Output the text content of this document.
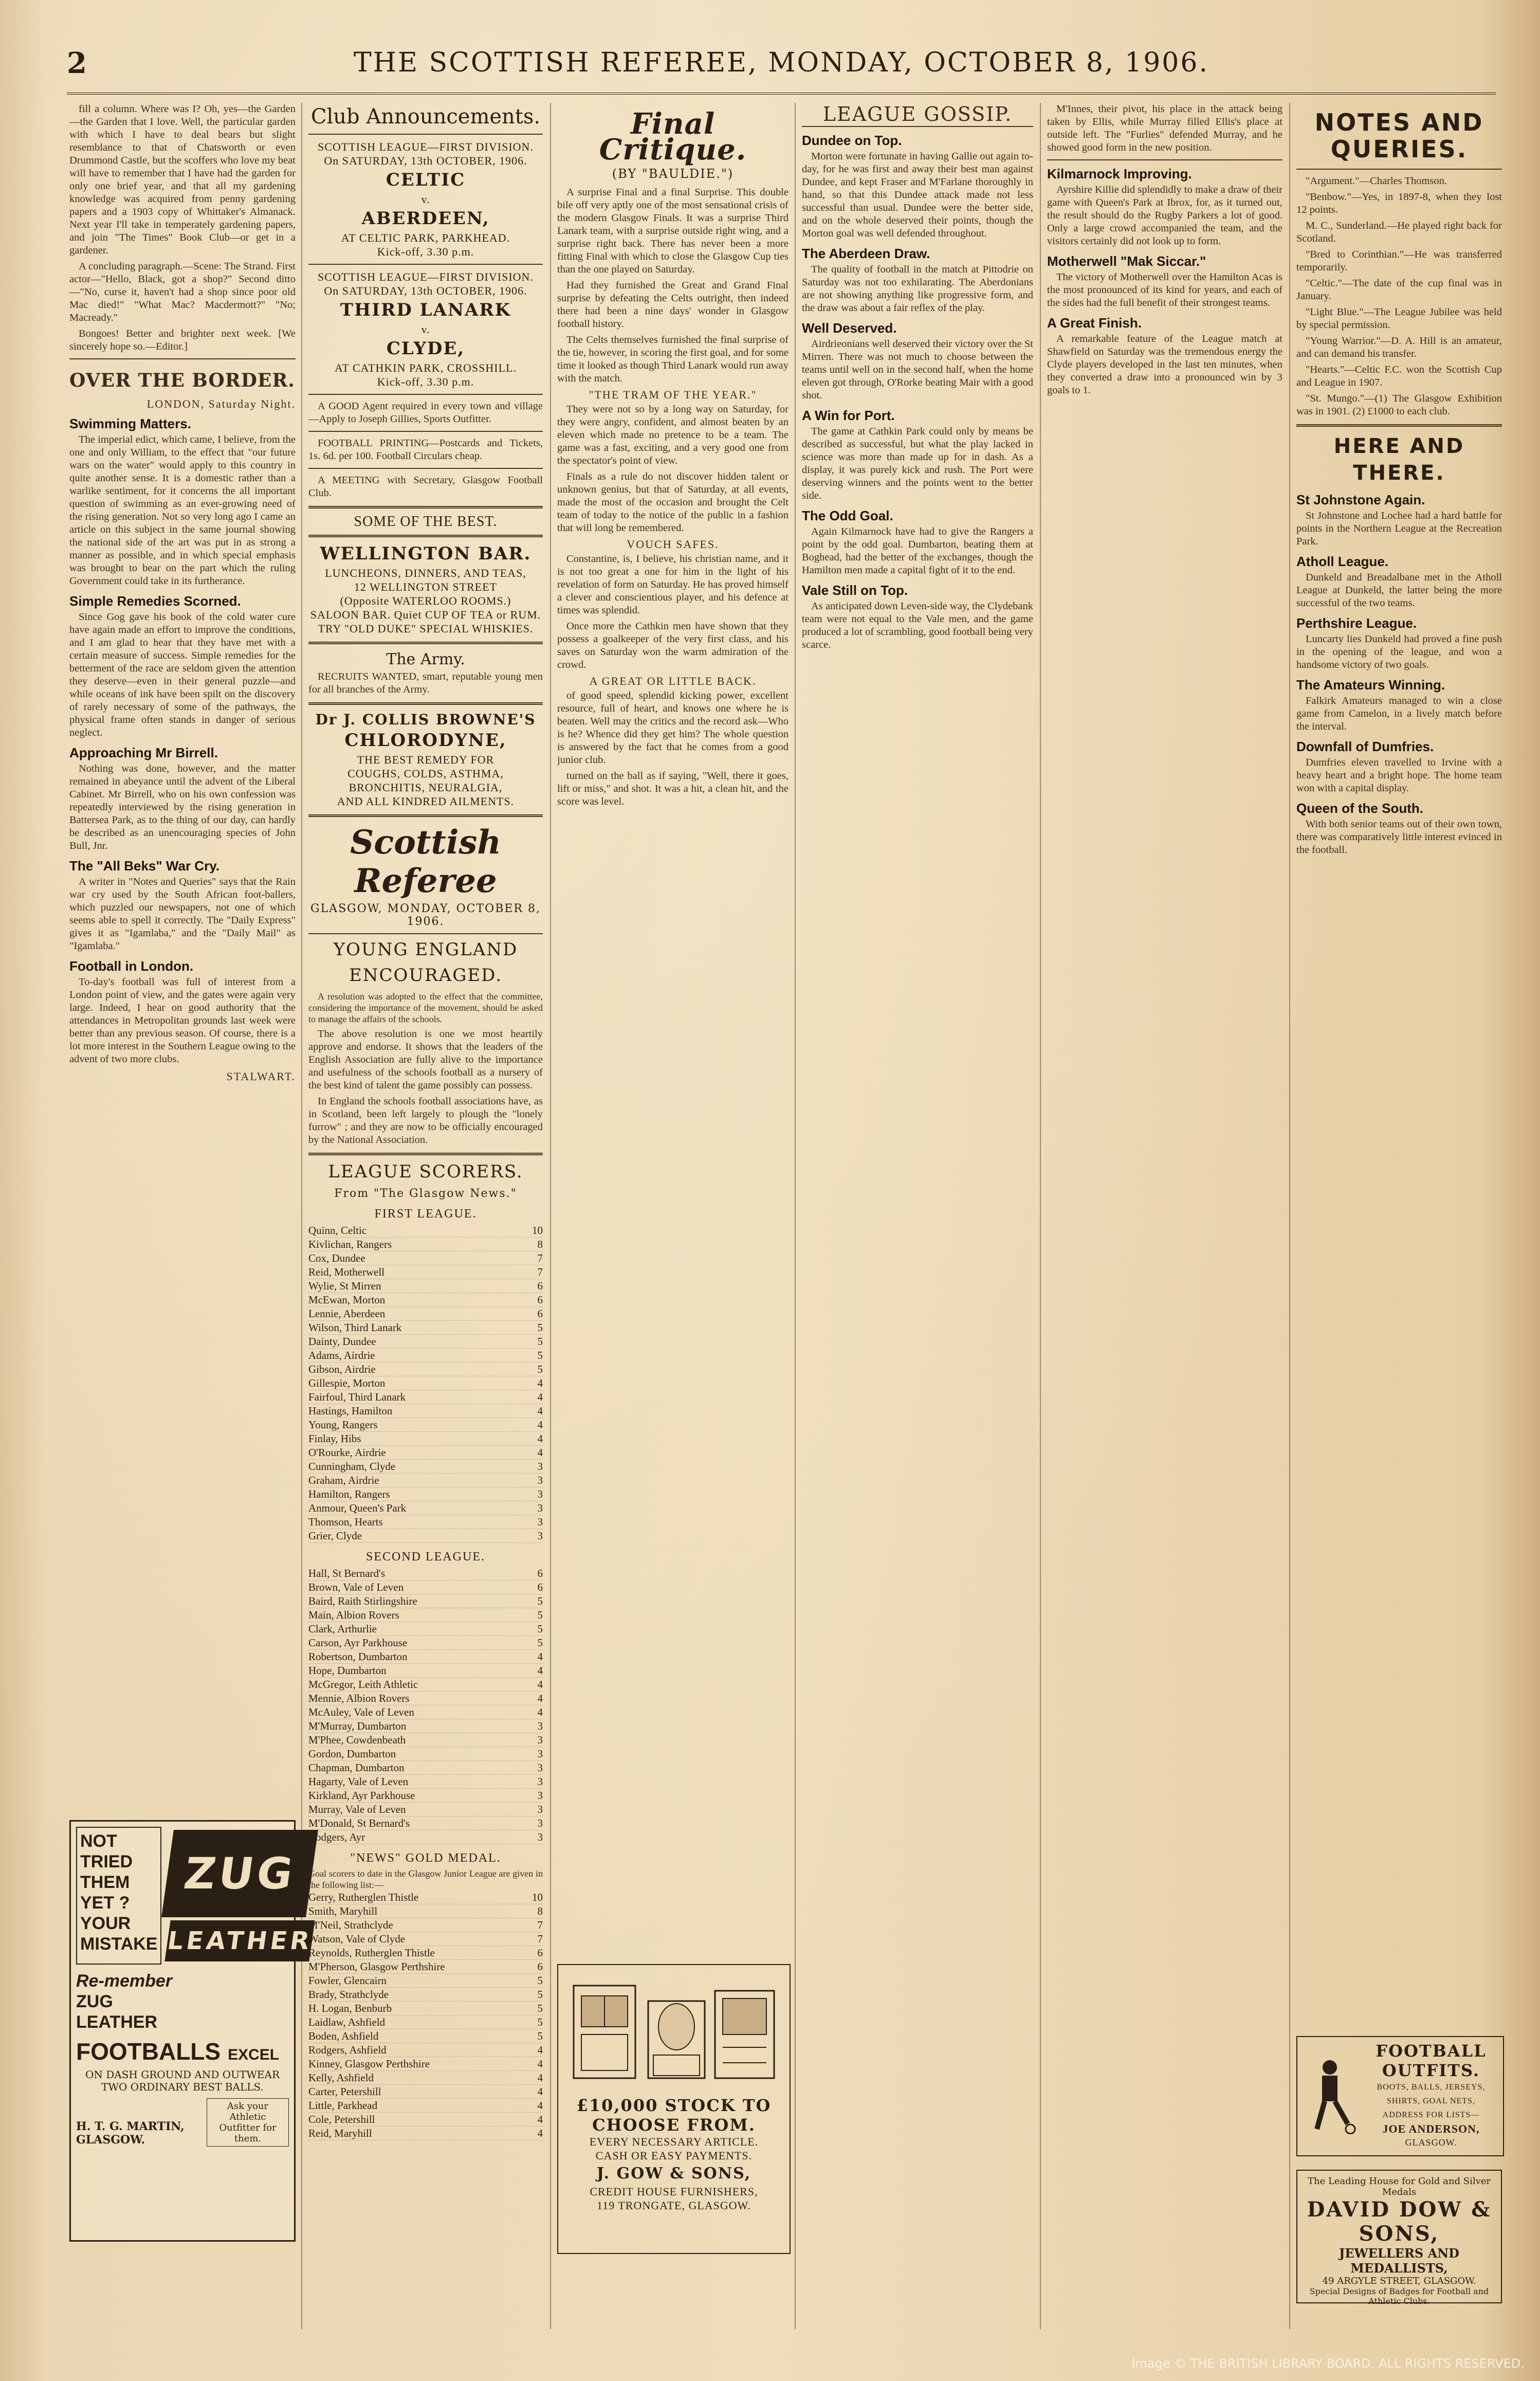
2	THE SCOTTISH REFEREE, MONDAY, OCTOBER 8, 1906.

fill a column. Where was I? Oh, yes—the Garden—the Garden that I love. Well, the particular garden with which I have to deal bears but slight resemblance to that of Chatsworth or even Drummond Castle, but the scoffers who love my beat will have to remember that I have had the garden for only one brief year, and that all my gardening knowledge was acquired from penny gardening papers and a 1903 copy of Whittaker's Almanack. Next year I'll take in temperately gardening papers, and join "The Times" Book Club—or get in a gardener.

A concluding paragraph.—Scene: The Strand. First actor—"Hello, Black, got a shop?" Second ditto—"No, curse it, haven't had a shop since poor old Mac died!" "What Mac? Macdermott?" "No; Macready."

Bongoes! Better and brighter next week. [We sincerely hope so.—Editor.]

OVER THE BORDER.
LONDON, Saturday Night.
Swimming Matters.

The imperial edict, which came, I believe, from the one and only William, to the effect that "our future wars on the water" would apply to this country in quite another sense. It is a domestic rather than a warlike sentiment, for it concerns the all important question of swimming as an ever-growing need of the rising generation. Not so very long ago I came an article on this subject in the same journal showing the national side of the art was put in as strong a manner as possible, and in which special emphasis was brought to bear on the part which the ruling Government could take in its furtherance.

Simple Remedies Scorned.

Since Gog gave his book of the cold water cure have again made an effort to improve the conditions, and I am glad to hear that they have met with a certain measure of success. Simple remedies for the betterment of the race are seldom given the attention they deserve—even in their general puzzle—and while oceans of ink have been spilt on the discovery of rarely necessary of some of the pathways, the physical frame often stands in danger of serious neglect.

Approaching Mr Birrell.

Nothing was done, however, and the matter remained in abeyance until the advent of the Liberal Cabinet. Mr Birrell, who on his own confession was repeatedly interviewed by the rising generation in Battersea Park, as to the thing of our day, can hardly be described as an unencouraging species of John Bull, Jnr.

The "All Beks" War Cry.

A writer in "Notes and Queries" says that the Rain war cry used by the South African foot-ballers, which puzzled our newspapers, not one of which seems able to spell it correctly. The "Daily Express" gives it as "Igamlaba," and the "Daily Mail" as "Igamlaba."

Football in London.

To-day's football was full of interest from a London point of view, and the gates were again very large. Indeed, I hear on good authority that the attendances in Metropolitan grounds last week were better than any previous season. Of course, there is a lot more interest in the Southern League owing to the advent of two more clubs.

STALWART.
NOT
TRIED
THEM
YET ?
YOUR
MISTAKE
ZUG
LEATHER
Re-member
ZUG
LEATHER
FOOTBALLS EXCEL
ON DASH GROUND AND OUTWEAR TWO ORDINARY BEST BALLS.
H. T. G. MARTIN,
GLASGOW.
Ask your Athletic Outfitter for them.
Club Announcements.
SCOTTISH LEAGUE—FIRST DIVISION.
On SATURDAY, 13th OCTOBER, 1906.
CELTIC
v.
ABERDEEN,
AT CELTIC PARK, PARKHEAD.
Kick-off, 3.30 p.m.
SCOTTISH LEAGUE—FIRST DIVISION.
On SATURDAY, 13th OCTOBER, 1906.
THIRD LANARK
v.
CLYDE,
AT CATHKIN PARK, CROSSHILL.
Kick-off, 3.30 p.m.

A GOOD Agent required in every town and village—Apply to Joseph Gillies, Sports Outfitter.

FOOTBALL PRINTING—Postcards and Tickets, 1s. 6d. per 100. Football Circulars cheap.

A MEETING with Secretary, Glasgow Football Club.

SOME OF THE BEST.
WELLINGTON BAR.
LUNCHEONS, DINNERS, AND TEAS,
12 WELLINGTON STREET
(Opposite WATERLOO ROOMS.)
SALOON BAR. Quiet CUP OF TEA or RUM.
TRY "OLD DUKE" SPECIAL WHISKIES.
The Army.

RECRUITS WANTED, smart, reputable young men for all branches of the Army.

Dr J. COLLIS BROWNE'S
CHLORODYNE,
THE BEST REMEDY FOR
COUGHS, COLDS, ASTHMA,
BRONCHITIS, NEURALGIA,
AND ALL KINDRED AILMENTS.
Scottish Referee
GLASGOW, MONDAY, OCTOBER 8, 1906.
YOUNG ENGLAND
ENCOURAGED.

A resolution was adopted to the effect that the committee, considering the importance of the movement, should be asked to manage the affairs of the schools.

The above resolution is one we most heartily approve and endorse. It shows that the leaders of the English Association are fully alive to the importance and usefulness of the schools football as a nursery of the best kind of talent the game possibly can possess.

In England the schools football associations have, as in Scotland, been left largely to plough the "lonely furrow" ; and they are now to be officially encouraged by the National Association.

LEAGUE SCORERS.
From "The Glasgow News."
FIRST LEAGUE.
Quinn, Celtic	10
Kivlichan, Rangers	8
Cox, Dundee	7
Reid, Motherwell	7
Wylie, St Mirren	6
McEwan, Morton	6
Lennie, Aberdeen	6
Wilson, Third Lanark	5
Dainty, Dundee	5
Adams, Airdrie	5
Gibson, Airdrie	5
Gillespie, Morton	4
Fairfoul, Third Lanark	4
Hastings, Hamilton	4
Young, Rangers	4
Finlay, Hibs	4
O'Rourke, Airdrie	4
Cunningham, Clyde	3
Graham, Airdrie	3
Hamilton, Rangers	3
Anmour, Queen's Park	3
Thomson, Hearts	3
Grier, Clyde	3
SECOND LEAGUE.
Hall, St Bernard's	6
Brown, Vale of Leven	6
Baird, Raith Stirlingshire	5
Main, Albion Rovers	5
Clark, Arthurlie	5
Carson, Ayr Parkhouse	5
Robertson, Dumbarton	4
Hope, Dumbarton	4
McGregor, Leith Athletic	4
Mennie, Albion Rovers	4
McAuley, Vale of Leven	4
M'Murray, Dumbarton	3
M'Phee, Cowdenbeath	3
Gordon, Dumbarton	3
Chapman, Dumbarton	3
Hagarty, Vale of Leven	3
Kirkland, Ayr Parkhouse	3
Murray, Vale of Leven	3
M'Donald, St Bernard's	3
Rodgers, Ayr	3
"NEWS" GOLD MEDAL.
Goal scorers to date in the Glasgow Junior League are given in the following list:—
Gerry, Rutherglen Thistle	10
Smith, Maryhill	8
M'Neil, Strathclyde	7
Watson, Vale of Clyde	7
Reynolds, Rutherglen Thistle	6
M'Pherson, Glasgow Perthshire	6
Fowler, Glencairn	5
Brady, Strathclyde	5
H. Logan, Benburb	5
Laidlaw, Ashfield	5
Boden, Ashfield	5
Rodgers, Ashfield	4
Kinney, Glasgow Perthshire	4
Kelly, Ashfield	4
Carter, Petershill	4
Little, Parkhead	4
Cole, Petershill	4
Reid, Maryhill	4
Final Critique.
(BY "BAULDIE.")

A surprise Final and a final Surprise. This double bile off very aptly one of the most sensational crisis of the modern Glasgow Finals. It was a surprise Third Lanark team, with a surprise outside right wing, and a surprise right back. There has never been a more fitting Final with which to close the Glasgow Cup ties than the one played on Saturday.

Had they furnished the Great and Grand Final surprise by defeating the Celts outright, then indeed there had been a nine days' wonder in Glasgow football history.

The Celts themselves furnished the final surprise of the tie, however, in scoring the first goal, and for some time it looked as though Third Lanark would run away with the match.

"THE TRAM OF THE YEAR."

They were not so by a long way on Saturday, for they were angry, confident, and almost beaten by an eleven which made no pretence to be a team. The game was a fast, exciting, and a very good one from the spectator's point of view.

Finals as a rule do not discover hidden talent or unknown genius, but that of Saturday, at all events, made the most of the occasion and brought the Celt team of today to the notice of the public in a fashion that will long be remembered.

VOUCH SAFES.

Constantine, is, I believe, his christian name, and it is not too great a one for him in the light of his revelation of form on Saturday. He has proved himself a clever and conscientious player, and his defence at times was splendid.

Once more the Cathkin men have shown that they possess a goalkeeper of the very first class, and his saves on Saturday won the warm admiration of the crowd.

A GREAT OR LITTLE BACK.

of good speed, splendid kicking power, excellent resource, full of heart, and knows one where he is beaten. Well may the critics and the record ask—Who is he? Whence did they get him? The whole question is answered by the fact that he comes from a good junior club.

turned on the ball as if saying, "Well, there it goes, lift or miss," and shot. It was a hit, a clean hit, and the score was level.

£10,000 STOCK TO CHOOSE FROM.
EVERY NECESSARY ARTICLE.
CASH OR EASY PAYMENTS.
J. GOW & SONS,
CREDIT HOUSE FURNISHERS,
119 TRONGATE, GLASGOW.
LEAGUE GOSSIP.
Dundee on Top.

Morton were fortunate in having Gallie out again to-day, for he was first and away their best man against Dundee, and kept Fraser and M'Farlane thoroughly in hand, so that this Dundee attack made not less successful than usual. Dundee were the better side, and on the whole deserved their points, though the Morton goal was well defended throughout.

The Aberdeen Draw.

The quality of football in the match at Pittodrie on Saturday was not too exhilarating. The Aberdonians are not showing anything like progressive form, and the draw was about a fair reflex of the play.

Well Deserved.

Airdrieonians well deserved their victory over the St Mirren. There was not much to choose between the teams until well on in the second half, when the home eleven got through, O'Rorke beating Mair with a good shot.

A Win for Port.

The game at Cathkin Park could only by means be described as successful, but what the play lacked in science was more than made up for in dash. As a display, it was purely kick and rush. The Port were deserving winners and the points went to the better side.

The Odd Goal.

Again Kilmarnock have had to give the Rangers a point by the odd goal. Dumbarton, beating them at Boghead, had the better of the exchanges, though the Hamilton men made a capital fight of it to the end.

Vale Still on Top.

As anticipated down Leven-side way, the Clydebank team were not equal to the Vale men, and the game produced a lot of scrambling, good football being very scarce.

M'Innes, their pivot, his place in the attack being taken by Ellis, while Murray filled Ellis's place at outside left. The "Furlies" defended Murray, and he showed good form in the new position.

Kilmarnock Improving.

Ayrshire Killie did splendidly to make a draw of their game with Queen's Park at Ibrox, for, as it turned out, the result should do the Rugby Parkers a lot of good. Only a large crowd accompanied the team, and the visitors certainly did not look up to form.

Motherwell "Mak Siccar."

The victory of Motherwell over the Hamilton Acas is the most pronounced of its kind for years, and each of the sides had the full benefit of their strongest teams.

A Great Finish.

A remarkable feature of the League match at Shawfield on Saturday was the tremendous energy the Clyde players developed in the last ten minutes, when they converted a draw into a pronounced win by 3 goals to 1.

NOTES AND QUERIES.

"Argument."—Charles Thomson.

"Benbow."—Yes, in 1897-8, when they lost 12 points.

M. C., Sunderland.—He played right back for Scotland.

"Bred to Corinthian."—He was transferred temporarily.

"Celtic."—The date of the cup final was in January.

"Light Blue."—The League Jubilee was held by special permission.

"Young Warrior."—D. A. Hill is an amateur, and can demand his transfer.

"Hearts."—Celtic F.C. won the Scottish Cup and League in 1907.

"St. Mungo."—(1) The Glasgow Exhibition was in 1901. (2) £1000 to each club.

HERE AND THERE.
St Johnstone Again.

St Johnstone and Lochee had a hard battle for points in the Northern League at the Recreation Park.

Atholl League.

Dunkeld and Breadalbane met in the Atholl League at Dunkeld, the latter being the more successful of the two teams.

Perthshire League.

Luncarty lies Dunkeld had proved a fine push in the opening of the league, and won a handsome victory of two goals.

The Amateurs Winning.

Falkirk Amateurs managed to win a close game from Camelon, in a lively match before the interval.

Downfall of Dumfries.

Dumfries eleven travelled to Irvine with a heavy heart and a bright hope. The home team won with a capital display.

Queen of the South.

With both senior teams out of their own town, there was comparatively little interest evinced in the football.

FOOTBALL OUTFITS.
BOOTS, BALLS, JERSEYS, SHIRTS, GOAL NETS,
ADDRESS FOR LISTS—
JOE ANDERSON,
GLASGOW.
The Leading House for Gold and Silver Medals
DAVID DOW & SONS,
JEWELLERS AND MEDALLISTS,
49 ARGYLE STREET, GLASGOW.
Special Designs of Badges for Football and Athletic Clubs.
Image © THE BRITISH LIBRARY BOARD. ALL RIGHTS RESERVED.
